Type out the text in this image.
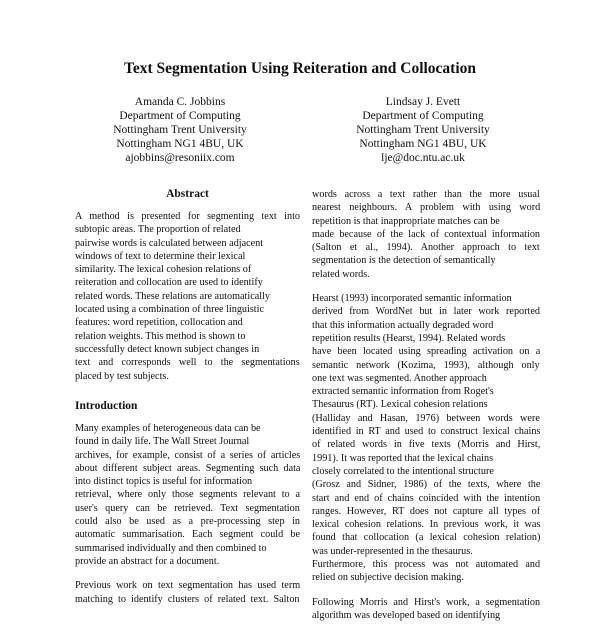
Text Segmentation Using Reiteration and Collocation
Amanda C. Jobbins
Department of Computing
Nottingham Trent University
Nottingham NG1 4BU, UK
ajobbins@resoniix.com
Lindsay J. Evett
Department of Computing
Nottingham Trent University
Nottingham NG1 4BU, UK
lje@doc.ntu.ac.uk
Abstract

A method is presented for segmenting text into
subtopic areas. The proportion of related
pairwise words is calculated between adjacent
windows of text to determine their lexical
similarity. The lexical cohesion relations of
reiteration and collocation are used to identify
related words. These relations are automatically
located using a combination of three linguistic
features: word repetition, collocation and
relation weights. This method is shown to
successfully detect known subject changes in
text and corresponds well to the segmentations
placed by test subjects.

Introduction

Many examples of heterogeneous data can be
found in daily life. The Wall Street Journal
archives, for example, consist of a series of articles
about different subject areas. Segmenting such data
into distinct topics is useful for information
retrieval, where only those segments relevant to a
user's query can be retrieved. Text segmentation
could also be used as a pre-processing step in
automatic summarisation. Each segment could be
summarised individually and then combined to
provide an abstract for a document.

Previous work on text segmentation has used term
matching to identify clusters of related text. Salton

words across a text rather than the more usual
nearest neighbours. A problem with using word
repetition is that inappropriate matches can be
made because of the lack of contextual information
(Salton et al., 1994). Another approach to text
segmentation is the detection of semantically
related words.

Hearst (1993) incorporated semantic information
derived from WordNet but in later work reported
that this information actually degraded word
repetition results (Hearst, 1994). Related words
have been located using spreading activation on a
semantic network (Kozima, 1993), although only
one text was segmented. Another approach
extracted semantic information from Roget's
Thesaurus (RT). Lexical cohesion relations
(Halliday and Hasan, 1976) between words were
identified in RT and used to construct lexical chains
of related words in five texts (Morris and Hirst,
1991). It was reported that the lexical chains
closely correlated to the intentional structure
(Grosz and Sidner, 1986) of the texts, where the
start and end of chains coincided with the intention
ranges. However, RT does not capture all types of
lexical cohesion relations. In previous work, it was
found that collocation (a lexical cohesion relation)
was under-represented in the thesaurus.
Furthermore, this process was not automated and
relied on subjective decision making.

Following Morris and Hirst's work, a segmentation
algorithm was developed based on identifying
